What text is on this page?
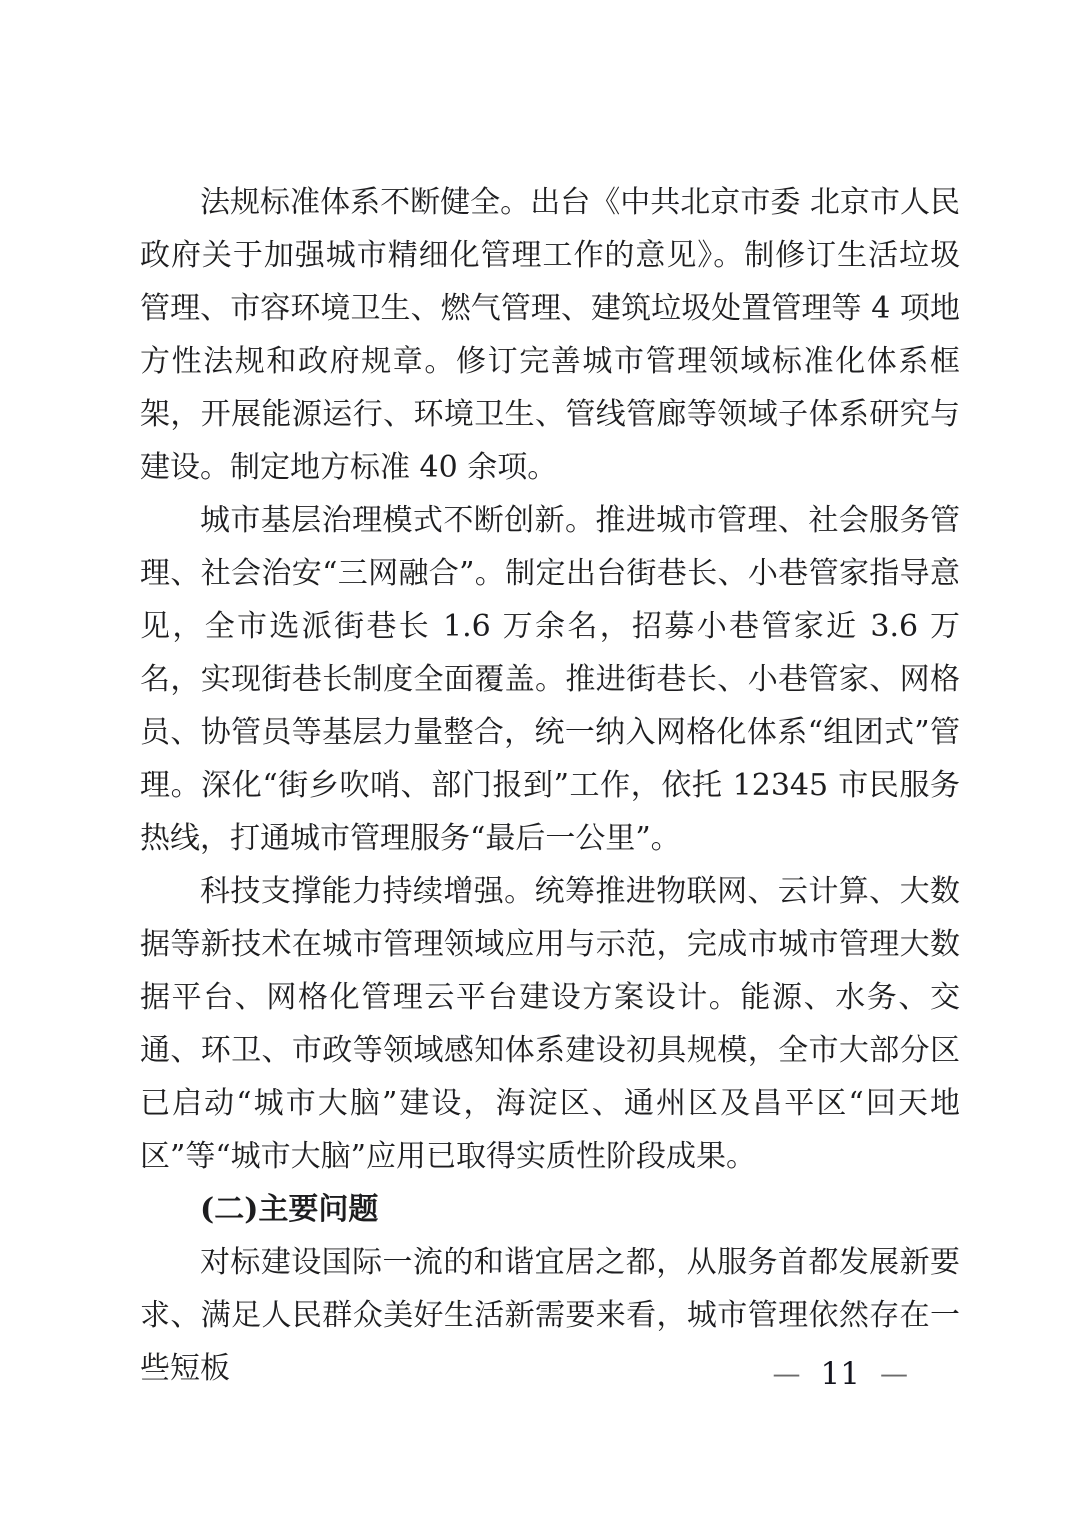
法规标准体系不断健全。出台《中共北京市委 北京市人民政府关于加强城市精细化管理工作的意见》。制修订生活垃圾管理、市容环境卫生、燃气管理、建筑垃圾处置管理等 4 项地方性法规和政府规章。修订完善城市管理领域标准化体系框架，开展能源运行、环境卫生、管线管廊等领域子体系研究与建设。制定地方标准 40 余项。

城市基层治理模式不断创新。推进城市管理、社会服务管理、社会治安“三网融合”。制定出台街巷长、小巷管家指导意见，全市选派街巷长 1.6 万余名，招募小巷管家近 3.6 万名，实现街巷长制度全面覆盖。推进街巷长、小巷管家、网格员、协管员等基层力量整合，统一纳入网格化体系“组团式”管理。深化“街乡吹哨、部门报到”工作，依托 12345 市民服务热线，打通城市管理服务“最后一公里”。

科技支撑能力持续增强。统筹推进物联网、云计算、大数据等新技术在城市管理领域应用与示范，完成市城市管理大数据平台、网格化管理云平台建设方案设计。能源、水务、交通、环卫、市政等领域感知体系建设初具规模，全市大部分区已启动“城市大脑”建设，海淀区、通州区及昌平区“回天地区”等“城市大脑”应用已取得实质性阶段成果。

(二)主要问题

对标建设国际一流的和谐宜居之都，从服务首都发展新要求、满足人民群众美好生活新需要来看，城市管理依然存在一些短板	— 11 —
